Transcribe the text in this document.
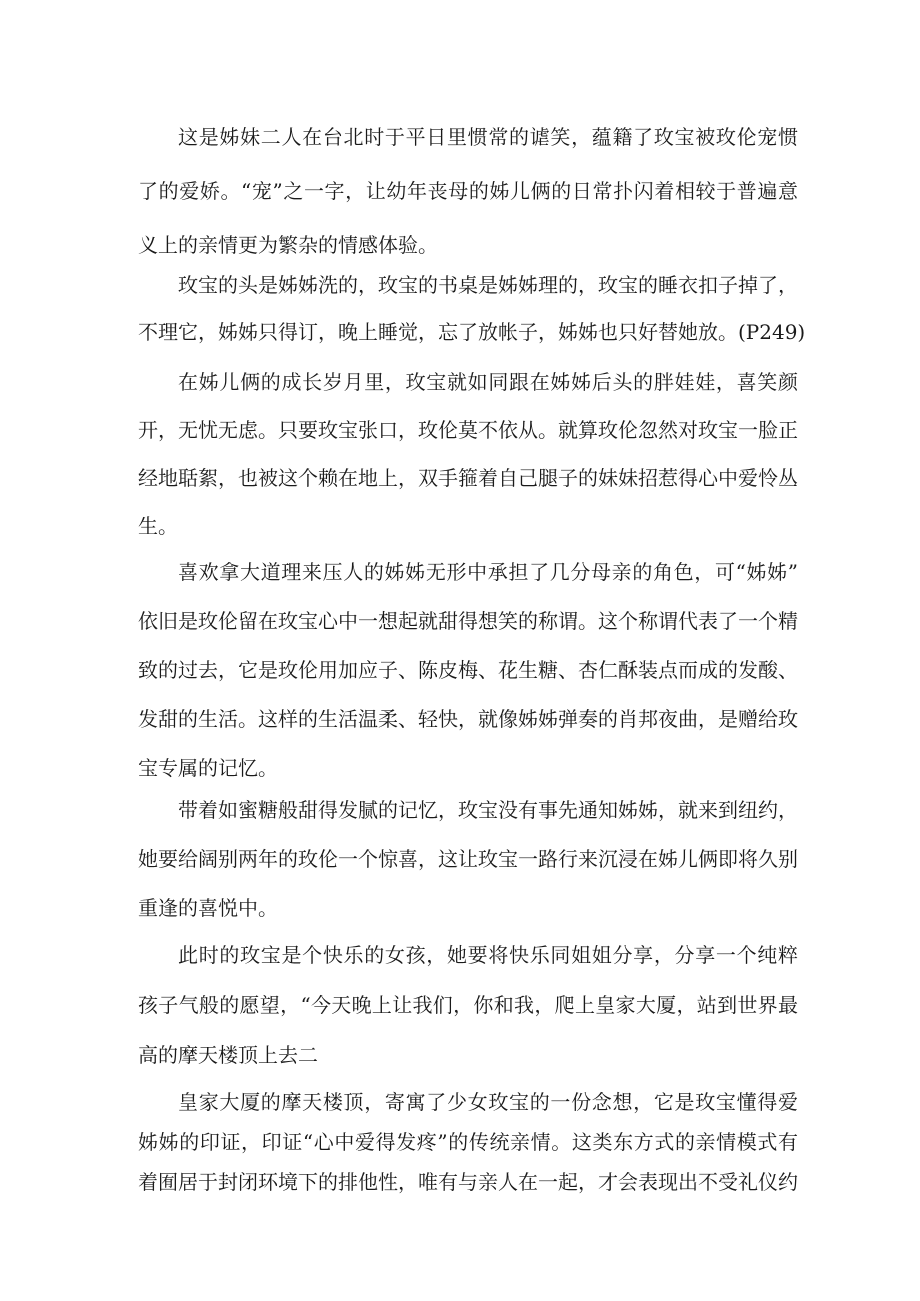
这是姊妹二人在台北时于平日里惯常的谑笑，蕴籍了玫宝被玫伦宠惯
了的爱娇。“宠”之一字，让幼年丧母的姊儿俩的日常扑闪着相较于普遍意
义上的亲情更为繁杂的情感体验。
玫宝的头是姊姊洗的，玫宝的书桌是姊姊理的，玫宝的睡衣扣子掉了，
不理它，姊姊只得订，晚上睡觉，忘了放帐子，姊姊也只好替她放。(P249)
在姊儿俩的成长岁月里，玫宝就如同跟在姊姊后头的胖娃娃，喜笑颜
开，无忧无虑。只要玫宝张口，玫伦莫不依从。就算玫伦忽然对玫宝一脸正
经地聒絮，也被这个赖在地上，双手箍着自己腿子的妹妹招惹得心中爱怜丛
生。
喜欢拿大道理来压人的姊姊无形中承担了几分母亲的角色，可“姊姊”
依旧是玫伦留在玫宝心中一想起就甜得想笑的称谓。这个称谓代表了一个精
致的过去，它是玫伦用加应子、陈皮梅、花生糖、杏仁酥装点而成的发酸、
发甜的生活。这样的生活温柔、轻快，就像姊姊弹奏的肖邦夜曲，是赠给玫
宝专属的记忆。
带着如蜜糖般甜得发腻的记忆，玫宝没有事先通知姊姊，就来到纽约，
她要给阔别两年的玫伦一个惊喜，这让玫宝一路行来沉浸在姊儿俩即将久别
重逢的喜悦中。
此时的玫宝是个快乐的女孩，她要将快乐同姐姐分享，分享一个纯粹
孩子气般的愿望，“今天晚上让我们，你和我，爬上皇家大厦，站到世界最
高的摩天楼顶上去二
皇家大厦的摩天楼顶，寄寓了少女玫宝的一份念想，它是玫宝懂得爱
姊姊的印证，印证“心中爱得发疼”的传统亲情。这类东方式的亲情模式有
着囿居于封闭环境下的排他性，唯有与亲人在一起，才会表现出不受礼仪约
